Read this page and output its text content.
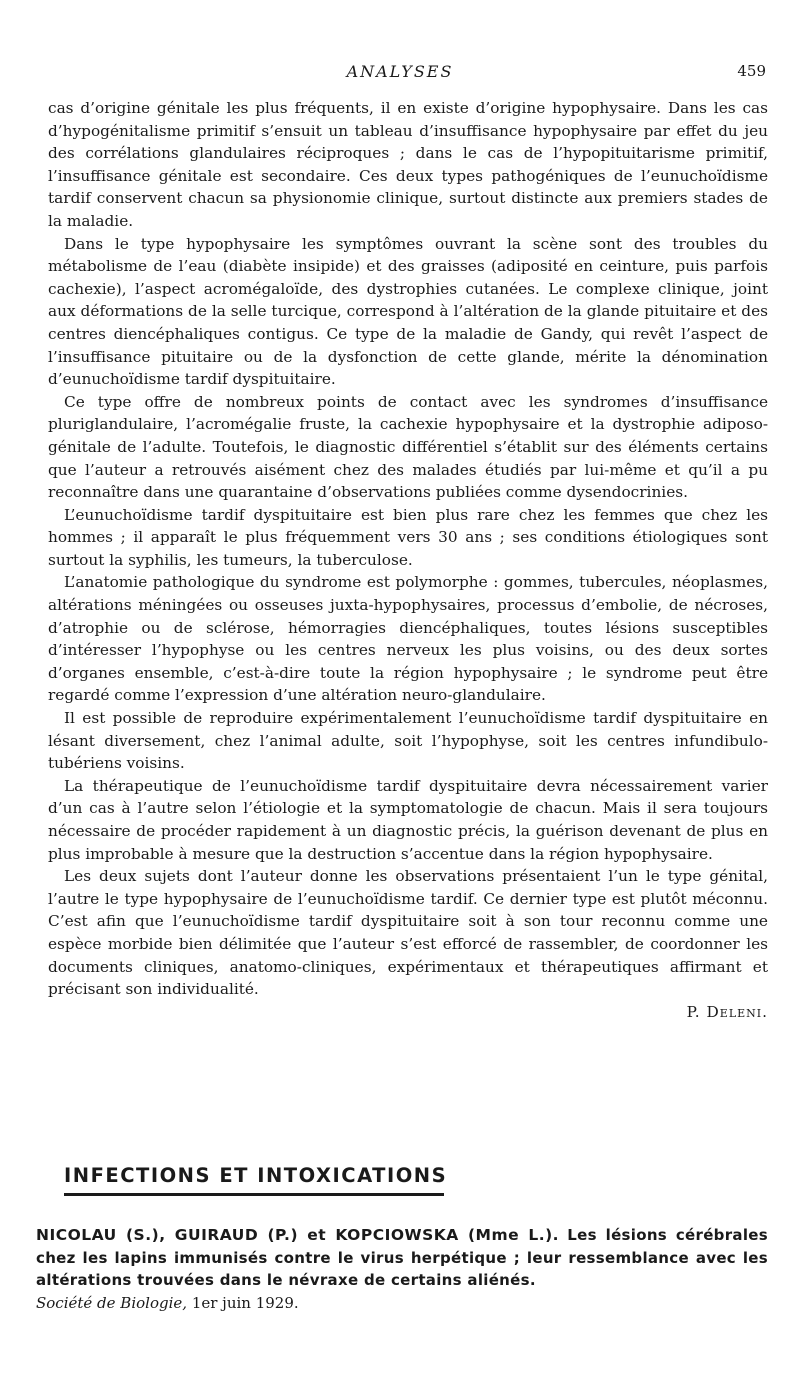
ANALYSES	459

cas d’origine génitale les plus fréquents, il en existe d’origine hypophysaire. Dans les cas d’hypogénitalisme primitif s’ensuit un tableau d’insuffisance hypophysaire par effet du jeu des corrélations glandulaires réciproques ; dans le cas de l’hypopituitarisme primitif, l’insuffisance génitale est secondaire. Ces deux types pathogéniques de l’eunuchoïdisme tardif conservent chacun sa physionomie clinique, surtout distincte aux premiers stades de la maladie.

Dans le type hypophysaire les symptômes ouvrant la scène sont des troubles du métabolisme de l’eau (diabète insipide) et des graisses (adiposité en ceinture, puis parfois cachexie), l’aspect acromégaloïde, des dystrophies cutanées. Le complexe clinique, joint aux déformations de la selle turcique, correspond à l’altération de la glande pituitaire et des centres diencéphaliques contigus. Ce type de la maladie de Gandy, qui revêt l’aspect de l’insuffisance pituitaire ou de la dysfonction de cette glande, mérite la dénomination d’eunuchoïdisme tardif dyspituitaire.

Ce type offre de nombreux points de contact avec les syndromes d’insuffisance pluriglandulaire, l’acromégalie fruste, la cachexie hypophysaire et la dystrophie adiposo-génitale de l’adulte. Toutefois, le diagnostic différentiel s’établit sur des éléments certains que l’auteur a retrouvés aisément chez des malades étudiés par lui-même et qu’il a pu reconnaître dans une quarantaine d’observations publiées comme dysendocrinies.

L’eunuchoïdisme tardif dyspituitaire est bien plus rare chez les femmes que chez les hommes ; il apparaît le plus fréquemment vers 30 ans ; ses conditions étiologiques sont surtout la syphilis, les tumeurs, la tuberculose.

L’anatomie pathologique du syndrome est polymorphe : gommes, tubercules, néoplasmes, altérations méningées ou osseuses juxta-hypophysaires, processus d’embolie, de nécroses, d’atrophie ou de sclérose, hémorragies diencéphaliques, toutes lésions susceptibles d’intéresser l’hypophyse ou les centres nerveux les plus voisins, ou des deux sortes d’organes ensemble, c’est-à-dire toute la région hypophysaire ; le syndrome peut être regardé comme l’expression d’une altération neuro-glandulaire.

Il est possible de reproduire expérimentalement l’eunuchoïdisme tardif dyspituitaire en lésant diversement, chez l’animal adulte, soit l’hypophyse, soit les centres infundibulo-tubériens voisins.

La thérapeutique de l’eunuchoïdisme tardif dyspituitaire devra nécessairement varier d’un cas à l’autre selon l’étiologie et la symptomatologie de chacun. Mais il sera toujours nécessaire de procéder rapidement à un diagnostic précis, la guérison devenant de plus en plus improbable à mesure que la destruction s’accentue dans la région hypophysaire.

Les deux sujets dont l’auteur donne les observations présentaient l’un le type génital, l’autre le type hypophysaire de l’eunuchoïdisme tardif. Ce dernier type est plutôt méconnu. C’est afin que l’eunuchoïdisme tardif dyspituitaire soit à son tour reconnu comme une espèce morbide bien délimitée que l’auteur s’est efforcé de rassembler, de coordonner les documents cliniques, anatomo-cliniques, expérimentaux et thérapeutiques affirmant et précisant son individualité.

P. Deleni.

INFECTIONS ET INTOXICATIONS
NICOLAU (S.), GUIRAUD (P.) et KOPCIOWSKA (Mme L.). Les lésions cérébrales chez les lapins immunisés contre le virus herpétique ; leur ressemblance avec les altérations trouvées dans le névraxe de certains aliénés.
Société de Biologie, 1er juin 1929.
